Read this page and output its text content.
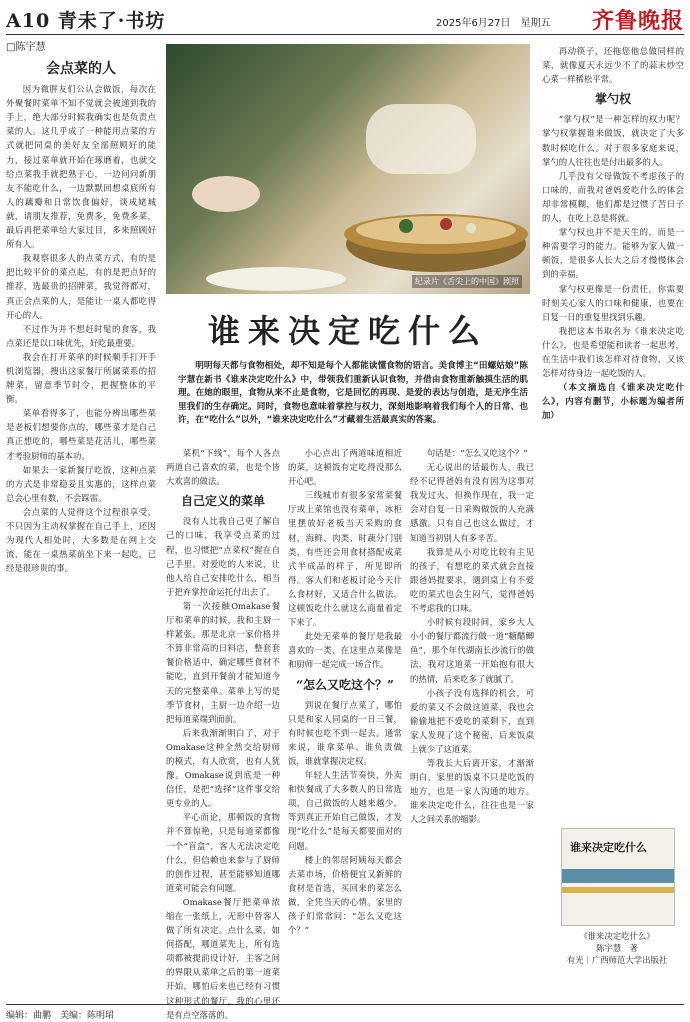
A10 青未了·书坊	2025年6月27日　星期五 齐鲁晚报
□陈宇慧
会点菜的人

因为微胖友们公认会做饭，每次在外聚餐时菜单不知不觉就会被递到我的手上，绝大部分时候我确实也是负责点菜的人。这几乎成了一种能用点菜的方式就把同桌的美好友全部照顾好的能力，接过菜单就开始在琢磨着，也就交给点菜我手就把熟于心，一边问问新朋友不能吃什么，一边默默回想桌底所有人的藕瓣和日常饮食偏好，谈成姥城就，请朋友推荐，免费多，免费多菜，最后再把菜单给大家过目，多来照顾好所有人。

我观察很多人的点菜方式，有的是把比较平价的菜点起，有的是把点好的推荐，选最贵的招牌菜，我觉得都对，真正会点菜的人，是能让一桌人都吃得开心的人。

不过作为并不想赶时髦的食客，我点菜还是以口味优先，好吃最重要。

我会在打开菜单的时候顺手打开手机浏览器，搜出这家餐厅所属菜系的招牌菜，留意季节时令，把握整体的平衡。

菜单看得多了，也能分辨出哪些菜是老板们想要你点的，哪些菜才是自己真正想吃的，哪些菜是花活儿，哪些菜才考验厨师的基本功。

如果去一家新餐厅吃饭，这种点菜的方式是非常稳妥且实惠的，这样点菜总会心里有数，不会踩雷。

会点菜的人觉得这个过程很享受，不只因为主动权掌握在自己手上，还因为现代人相处时，大多数是在网上交流，能在一桌热菜前坐下来一起吃，已经是很珍贵的事。

纪录片《舌尖上的中国》剧照
谁来决定吃什么
明明每天都与食物相处，却不知是每个人都能读懂食物的语言。美食博主“田螺姑娘”陈宇慧在新书《谁来决定吃什么》中，带领我们重新认识食物，并借由食物重新触摸生活的肌理。在她的眼里，食物从来不止是食物，它是回忆的再现、是爱的表达与创造，是无序生活里我们的生存确定。同时，食物也意味着掌控与权力，深刻地影响着我们每个人的日常、也许，在“吃什么”以外，“谁来决定吃什么”才藏着生活最真实的答案。

菜机“下线”，每个人各点两道自己喜欢的菜，也是个皆大欢喜的做法。

自己定义的菜单

没有人比我自己更了解自己的口味，我享受点菜的过程，也习惯把“点菜权”握在自己手里。对爱吃的人来说，让他人给自己安排吃什么，相当于把弃掌控命运托付出去了。

第一次接触Omakase餐厅和菜单的时候，我和主厨一样紧张。那是北京一家价格并不算非常高的日料店，整套套餐价格适中，确定哪些食材不能吃，直到开餐前才能知道今天的完整菜单。菜单上写的是季节食材，主厨一边介绍一边把每道菜端到面前。

后来我渐渐明白了，对于Omakase这种全然交给厨师的模式，有人欣赏，也有人犹豫。Omakase说到底是一种信任，是把“选择”这件事交给更专业的人。

平心而论，那顿饭的食物并不算惊艳，只是每道菜都像一个“盲盒”，客人无法决定吃什么，但信赖也来参与了厨师的创作过程，甚至能够知道哪道菜可能会有问题。

Omakase餐厅把菜单浓缩在一张纸上，无形中替客人做了所有决定。点什么菜，如何搭配，哪道菜先上，所有选项都被提前设计好，主客之间的界限从菜单之后的第一道菜开始，哪怕后来也已经有习惯这种形式的餐厅，我的心里还是有点空落落的。

小心点出了两道味道相近的菜，这顿饭有定吃得没那么开心吧。

三线城市有很多家常菜餐厅或上菜馆也没有菜单，冰柜里摆放好老板当天采购的食材，海鲜、肉类、时蔬分门别类，有些还会用食材搭配成菜式半成品的样子，所见即所得。客人们和老板讨论今天什么食材好，又适合什么做法，这顿饭吃什么就这么商量着定下来了。

此处无菜单的餐厅是我最喜欢的一类，在这里点菜像是和厨师一起完成一场合作。

“怎么又吃这个？”

到说在餐厅点菜了，哪怕只是和家人同桌的一日三餐，有时候也吃不到一起去。通常来说，谁拿菜单、谁负责做饭，谁就掌握决定权。

年轻人生活节奏快，外卖和快餐成了大多数人的日常选项，自己做饭的人越来越少。等到真正开始自己做饭，才发现“吃什么”是每天都要面对的问题。

楼上的邻居阿姨每天都会去菜市场，价格便宜又新鲜的食材是首选，买回来的菜怎么做，全凭当天的心情。家里的孩子们常常问：“怎么又吃这个？”

句话是：“怎么又吃这个？”

无心说出的话最伤人，我已经不记得爸妈有没有因为这事对我发过火，但换作现在，我一定会对自复一日采购做饭的人充满感激。只有自己也这么做过，才知道当初别人有多辛苦。

我算是从小对吃比较有主见的孩子，有想吃的菜式就会直接跟爸妈提要求，遇到桌上有不爱吃的菜式也会生闷气，觉得爸妈不考虑我的口味。

小时候有段时间，家乡大人小小的餐厅都流行做一道“糖醋鲫鱼”，那个年代湖南长沙流行的做法，我对这道菜一开始抱有很大的热情，后来吃多了就腻了。

小孩子没有选择的机会，可爱的菜又不会做这道菜，我也会偷偷地把不爱吃的菜剩下，直到家人发现了这个秘密，后来饭桌上就少了这道菜。

等我长大后离开家，才渐渐明白，家里的饭桌不只是吃饭的地方，也是一家人沟通的地方。谁来决定吃什么，往往也是一家人之间关系的缩影。

再动筷子，还拖您他总做同样的菜，就像夏天永远少不了的蒜末炒空心菜一样稀松平常。

掌勺权

“掌勺权”是一种怎样的权力呢？掌勺权掌握谁来做饭，就决定了大多数时候吃什么。对于很多家庭来说，掌勺的人往往也是付出最多的人。

几乎没有父母做饭不考虑孩子的口味的，而我对爸妈爱吃什么的体会却非常模糊，他们都是过惯了苦日子的人，在吃上总是将就。

掌勺权也并不是天生的，而是一种需要学习的能力。能够为家人做一顿饭，是很多人长大之后才慢慢体会到的幸福。

掌勺权更像是一份责任，你需要时刻关心家人的口味和健康，也要在日复一日的重复里找到乐趣。

我把这本书取名为《谁来决定吃什么》，也是希望能和读者一起思考，在生活中我们该怎样对待食物，又该怎样对待身边一起吃饭的人。

（本文摘选自《谁来决定吃什么》，内容有删节，小标题为编者所加）

谁来决定吃什么
《谁来决定吃什么》
陈宇慧　著
有光｜广西师范大学出版社
编辑：曲鹏　美编：陈明珺
